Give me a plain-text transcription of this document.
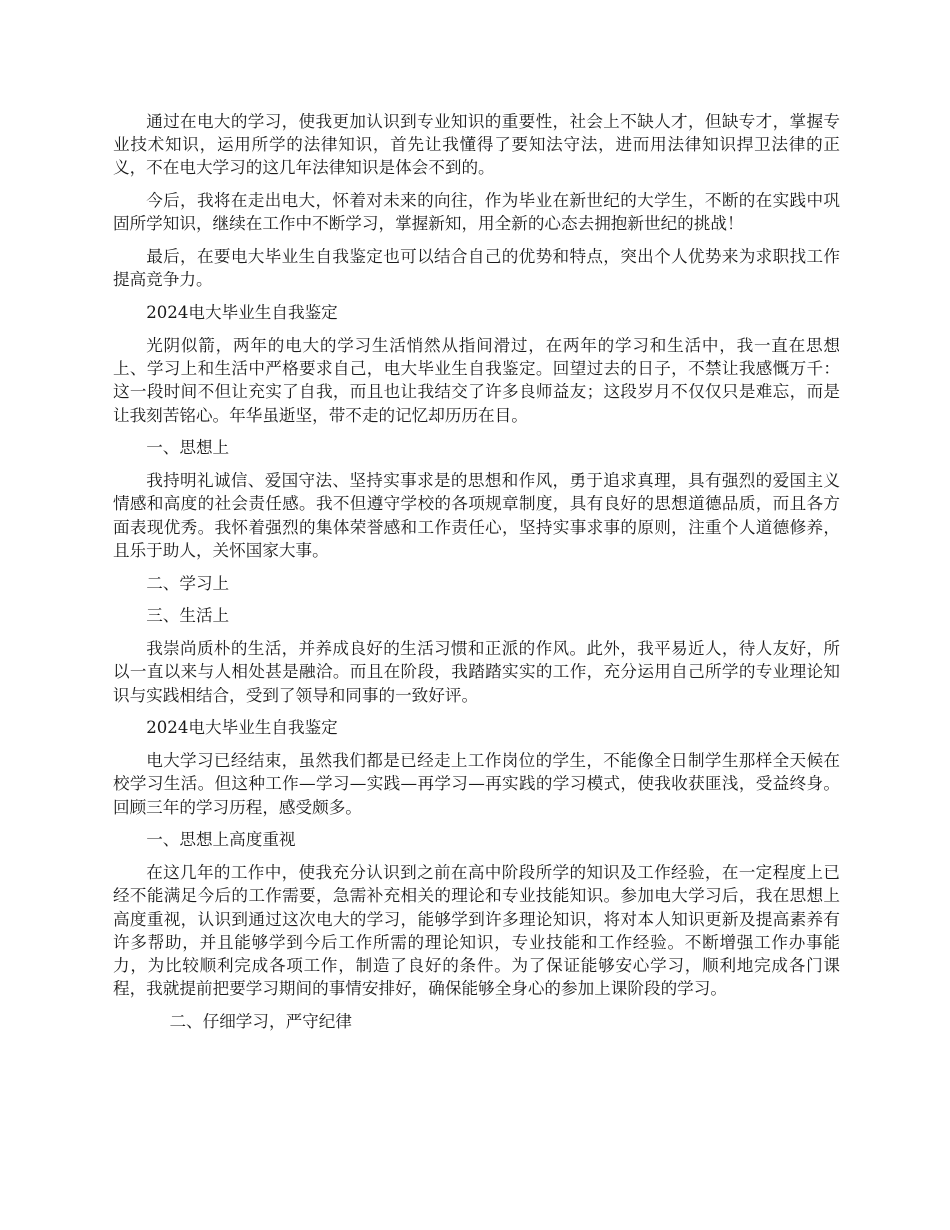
通过在电大的学习，使我更加认识到专业知识的重要性，社会上不缺人才，但缺专才，掌握专业技术知识，运用所学的法律知识，首先让我懂得了要知法守法，进而用法律知识捍卫法律的正义，不在电大学习的这几年法律知识是体会不到的。

今后，我将在走出电大，怀着对未来的向往，作为毕业在新世纪的大学生，不断的在实践中巩固所学知识，继续在工作中不断学习，掌握新知，用全新的心态去拥抱新世纪的挑战！

最后，在要电大毕业生自我鉴定也可以结合自己的优势和特点，突出个人优势来为求职找工作提高竞争力。

2024电大毕业生自我鉴定

光阴似箭，两年的电大的学习生活悄然从指间滑过，在两年的学习和生活中，我一直在思想上、学习上和生活中严格要求自己，电大毕业生自我鉴定。回望过去的日子，不禁让我感慨万千：这一段时间不但让充实了自我，而且也让我结交了许多良师益友；这段岁月不仅仅只是难忘，而是让我刻苦铭心。年华虽逝坚，带不走的记忆却历历在目。

一、思想上

我持明礼诚信、爱国守法、坚持实事求是的思想和作风，勇于追求真理，具有强烈的爱国主义情感和高度的社会责任感。我不但遵守学校的各项规章制度，具有良好的思想道德品质，而且各方面表现优秀。我怀着强烈的集体荣誉感和工作责任心，坚持实事求事的原则，注重个人道德修养，且乐于助人，关怀国家大事。

二、学习上

三、生活上

我崇尚质朴的生活，并养成良好的生活习惯和正派的作风。此外，我平易近人，待人友好，所以一直以来与人相处甚是融洽。而且在阶段，我踏踏实实的工作，充分运用自己所学的专业理论知识与实践相结合，受到了领导和同事的一致好评。

2024电大毕业生自我鉴定

电大学习已经结束，虽然我们都是已经走上工作岗位的学生，不能像全日制学生那样全天候在校学习生活。但这种工作—学习—实践—再学习—再实践的学习模式，使我收获匪浅，受益终身。回顾三年的学习历程，感受颇多。

一、思想上高度重视

在这几年的工作中，使我充分认识到之前在高中阶段所学的知识及工作经验，在一定程度上已经不能满足今后的工作需要，急需补充相关的理论和专业技能知识。参加电大学习后，我在思想上高度重视，认识到通过这次电大的学习，能够学到许多理论知识，将对本人知识更新及提高素养有许多帮助，并且能够学到今后工作所需的理论知识，专业技能和工作经验。不断增强工作办事能力，为比较顺利完成各项工作，制造了良好的条件。为了保证能够安心学习，顺利地完成各门课程，我就提前把要学习期间的事情安排好，确保能够全身心的参加上课阶段的学习。

二、仔细学习，严守纪律
